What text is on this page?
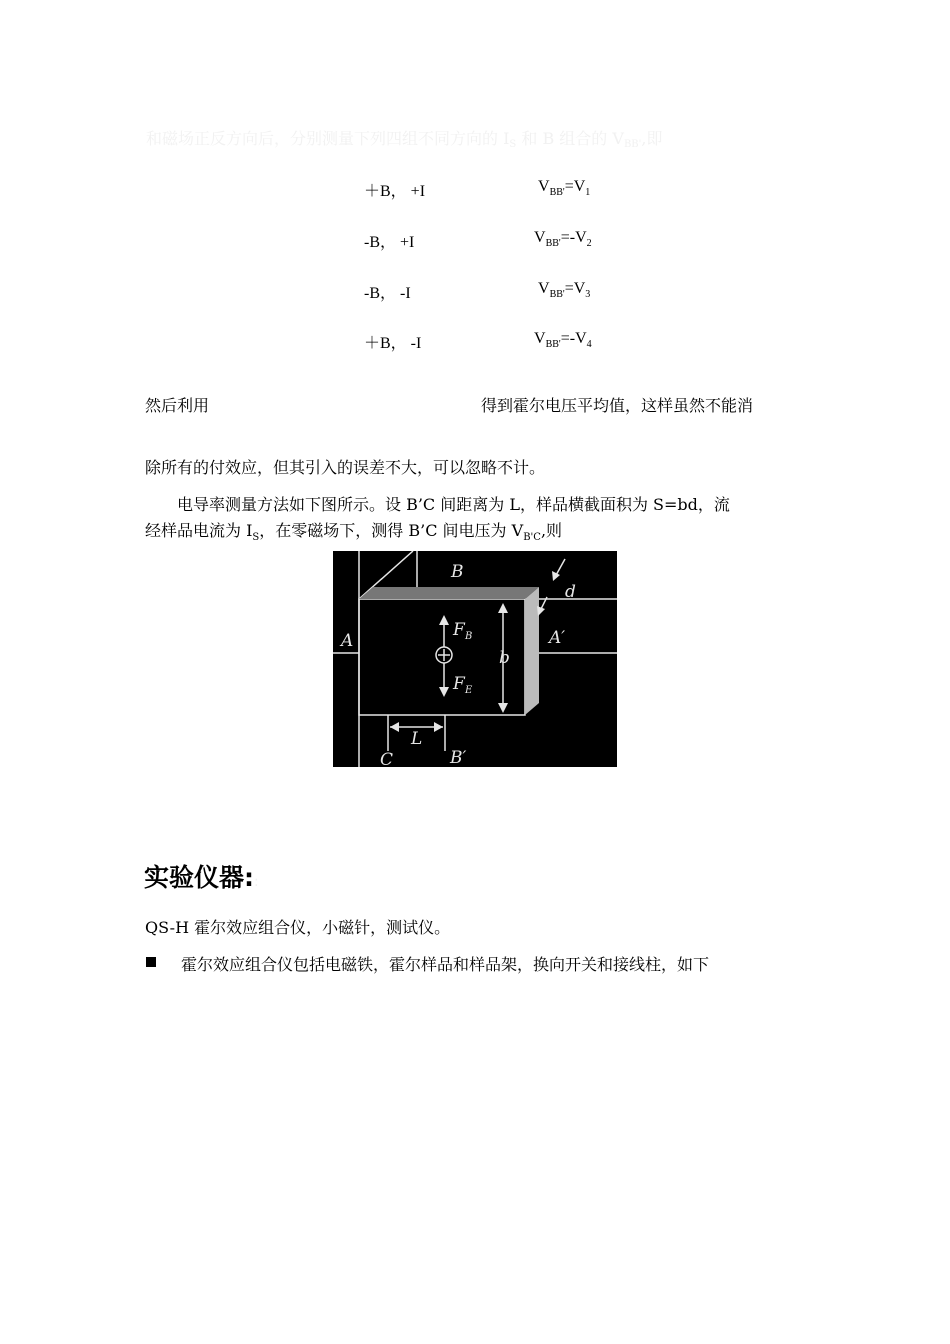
和磁场正反方向后，分别测量下列四组不同方向的 $I_S$ 和 B 组合的 $V_{BB'}$,即
＋B， +I	$V_{BB'}=V_1$
-B， +I	$V_{BB'}=-V_2$
-B， -I	$V_{BB'}=V_3$
＋B， -I	$V_{BB'}=-V_4$
然后利用	得到霍尔电压平均值，这样虽然不能消
除所有的付效应，但其引入的误差不大，可以忽略不计。
电导率测量方法如下图所示。设 B’C 间距离为 L，样品横截面积为 S=bd，流
经样品电流为 $I_S$，在零磁场下，测得 B’C 间电压为 $V_{B'C}$,则
A	A′
B
B′
C
d
b
L
F
F
B
E
+
实验仪器::
QS-H 霍尔效应组合仪，小磁针，测试仪。
霍尔效应组合仪包括电磁铁，霍尔样品和样品架，换向开关和接线柱，如下
